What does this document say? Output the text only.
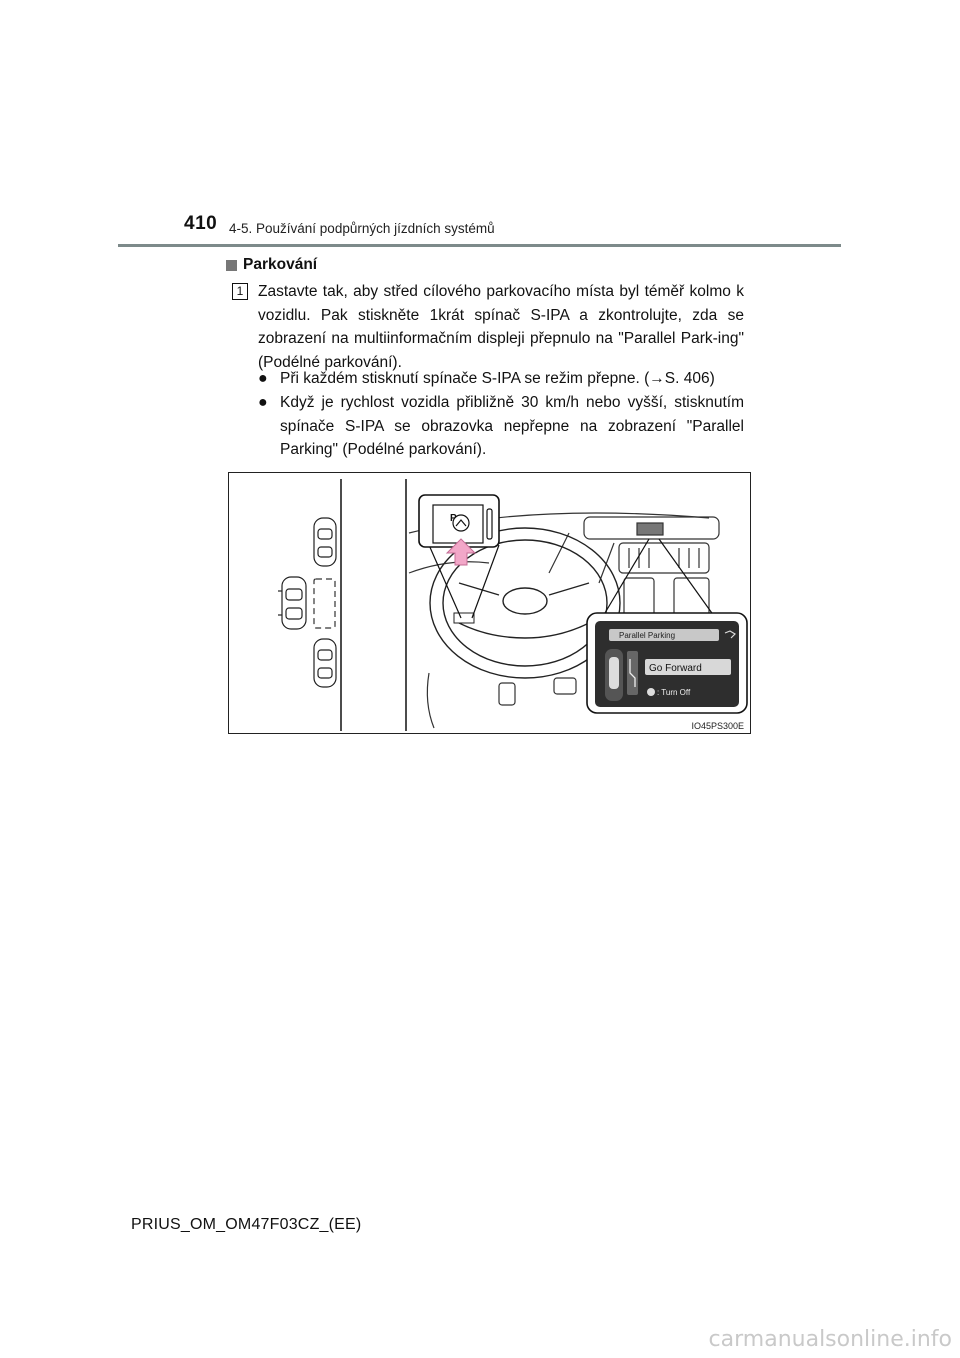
410 4-5. Používání podpůrných jízdních systémů
Parkování
1 Zastavte tak, aby střed cílového parkovacího místa byl téměř kolmo k vozidlu. Pak stiskněte 1krát spínač S-IPA a zkontrolujte, zda se zobrazení na multiinformačním displeji přepnulo na "Parallel Park-ing" (Podélné parkování).
● Při každém stisknutí spínače S-IPA se režim přepne. (→S. 406)
● Když je rychlost vozidla přibližně 30 km/h nebo vyšší, stisknutím spínače S-IPA se obrazovka nepřepne na zobrazení "Parallel Parking" (Podélné parkování).
P
Parallel Parking
Go Forward
: Turn Off
IO45PS300E
PRIUS_OM_OM47F03CZ_(EE)
carmanualsonline.info
